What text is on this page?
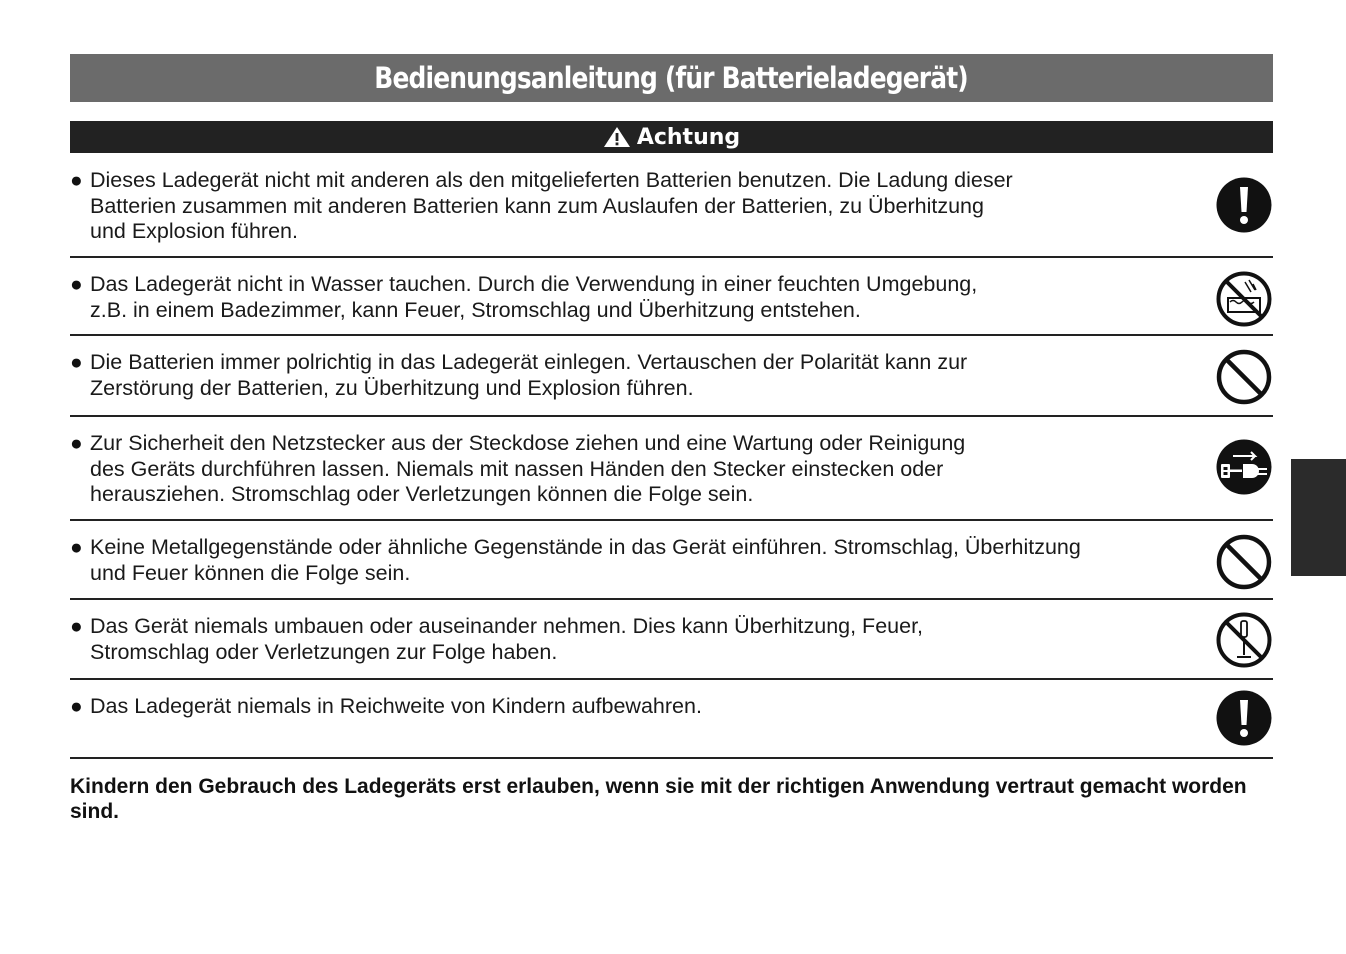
Bedienungsanleitung (für Batterieladegerät)
Achtung
● Dieses Ladegerät nicht mit anderen als den mitgelieferten Batterien benutzen. Die Ladung dieser
Batterien zusammen mit anderen Batterien kann zum Auslaufen der Batterien, zu Überhitzung
und Explosion führen.
● Das Ladegerät nicht in Wasser tauchen. Durch die Verwendung in einer feuchten Umgebung,
z.B. in einem Badezimmer, kann Feuer, Stromschlag und Überhitzung entstehen.
● Die Batterien immer polrichtig in das Ladegerät einlegen. Vertauschen der Polarität kann zur
Zerstörung der Batterien, zu Überhitzung und Explosion führen.
● Zur Sicherheit den Netzstecker aus der Steckdose ziehen und eine Wartung oder Reinigung
des Geräts durchführen lassen. Niemals mit nassen Händen den Stecker einstecken oder
herausziehen. Stromschlag oder Verletzungen können die Folge sein.
● Keine Metallgegenstände oder ähnliche Gegenstände in das Gerät einführen. Stromschlag, Überhitzung
und Feuer können die Folge sein.
● Das Gerät niemals umbauen oder auseinander nehmen. Dies kann Überhitzung, Feuer,
Stromschlag oder Verletzungen zur Folge haben.
● Das Ladegerät niemals in Reichweite von Kindern aufbewahren.
Kindern den Gebrauch des Ladegeräts erst erlauben, wenn sie mit der richtigen Anwendung vertraut gemacht worden sind.
